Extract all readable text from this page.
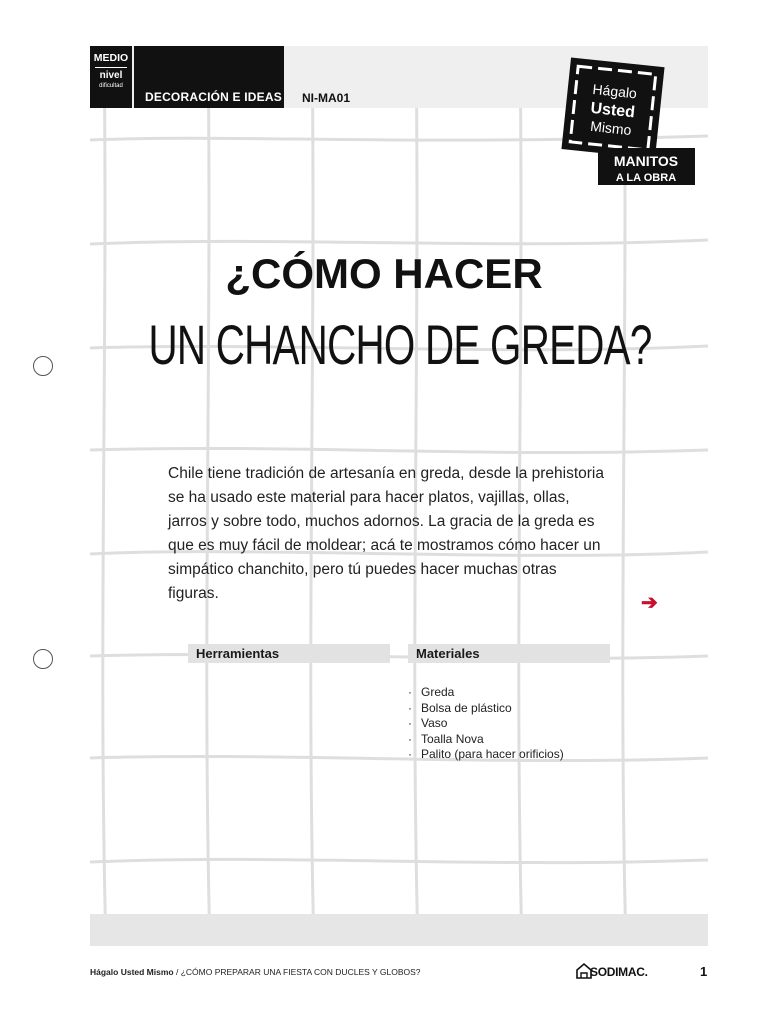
MEDIO
nivel
dificultad
DECORACIÓN E IDEAS NI-MA01	Hágalo
Usted
Mismo
MANITOS
A LA OBRA
¿CÓMO HACER
UN CHANCHO DE GREDA?
Chile tiene tradición de artesanía en greda, desde la prehistoria se ha usado este material para hacer platos, vajillas, ollas, jarros y sobre todo, muchos adornos. La gracia de la greda es que es muy fácil de moldear; acá te mostramos cómo hacer un simpático chanchito, pero tú puedes hacer muchas otras figuras.	➔
Herramientas	Materiales
· Greda
· Bolsa de plástico
· Vaso
· Toalla Nova
· Palito (para hacer orificios)
Hágalo Usted Mismo / ¿CÓMO PREPARAR UNA FIESTA CON DUCLES Y GLOBOS?	SODIMAC.	1
